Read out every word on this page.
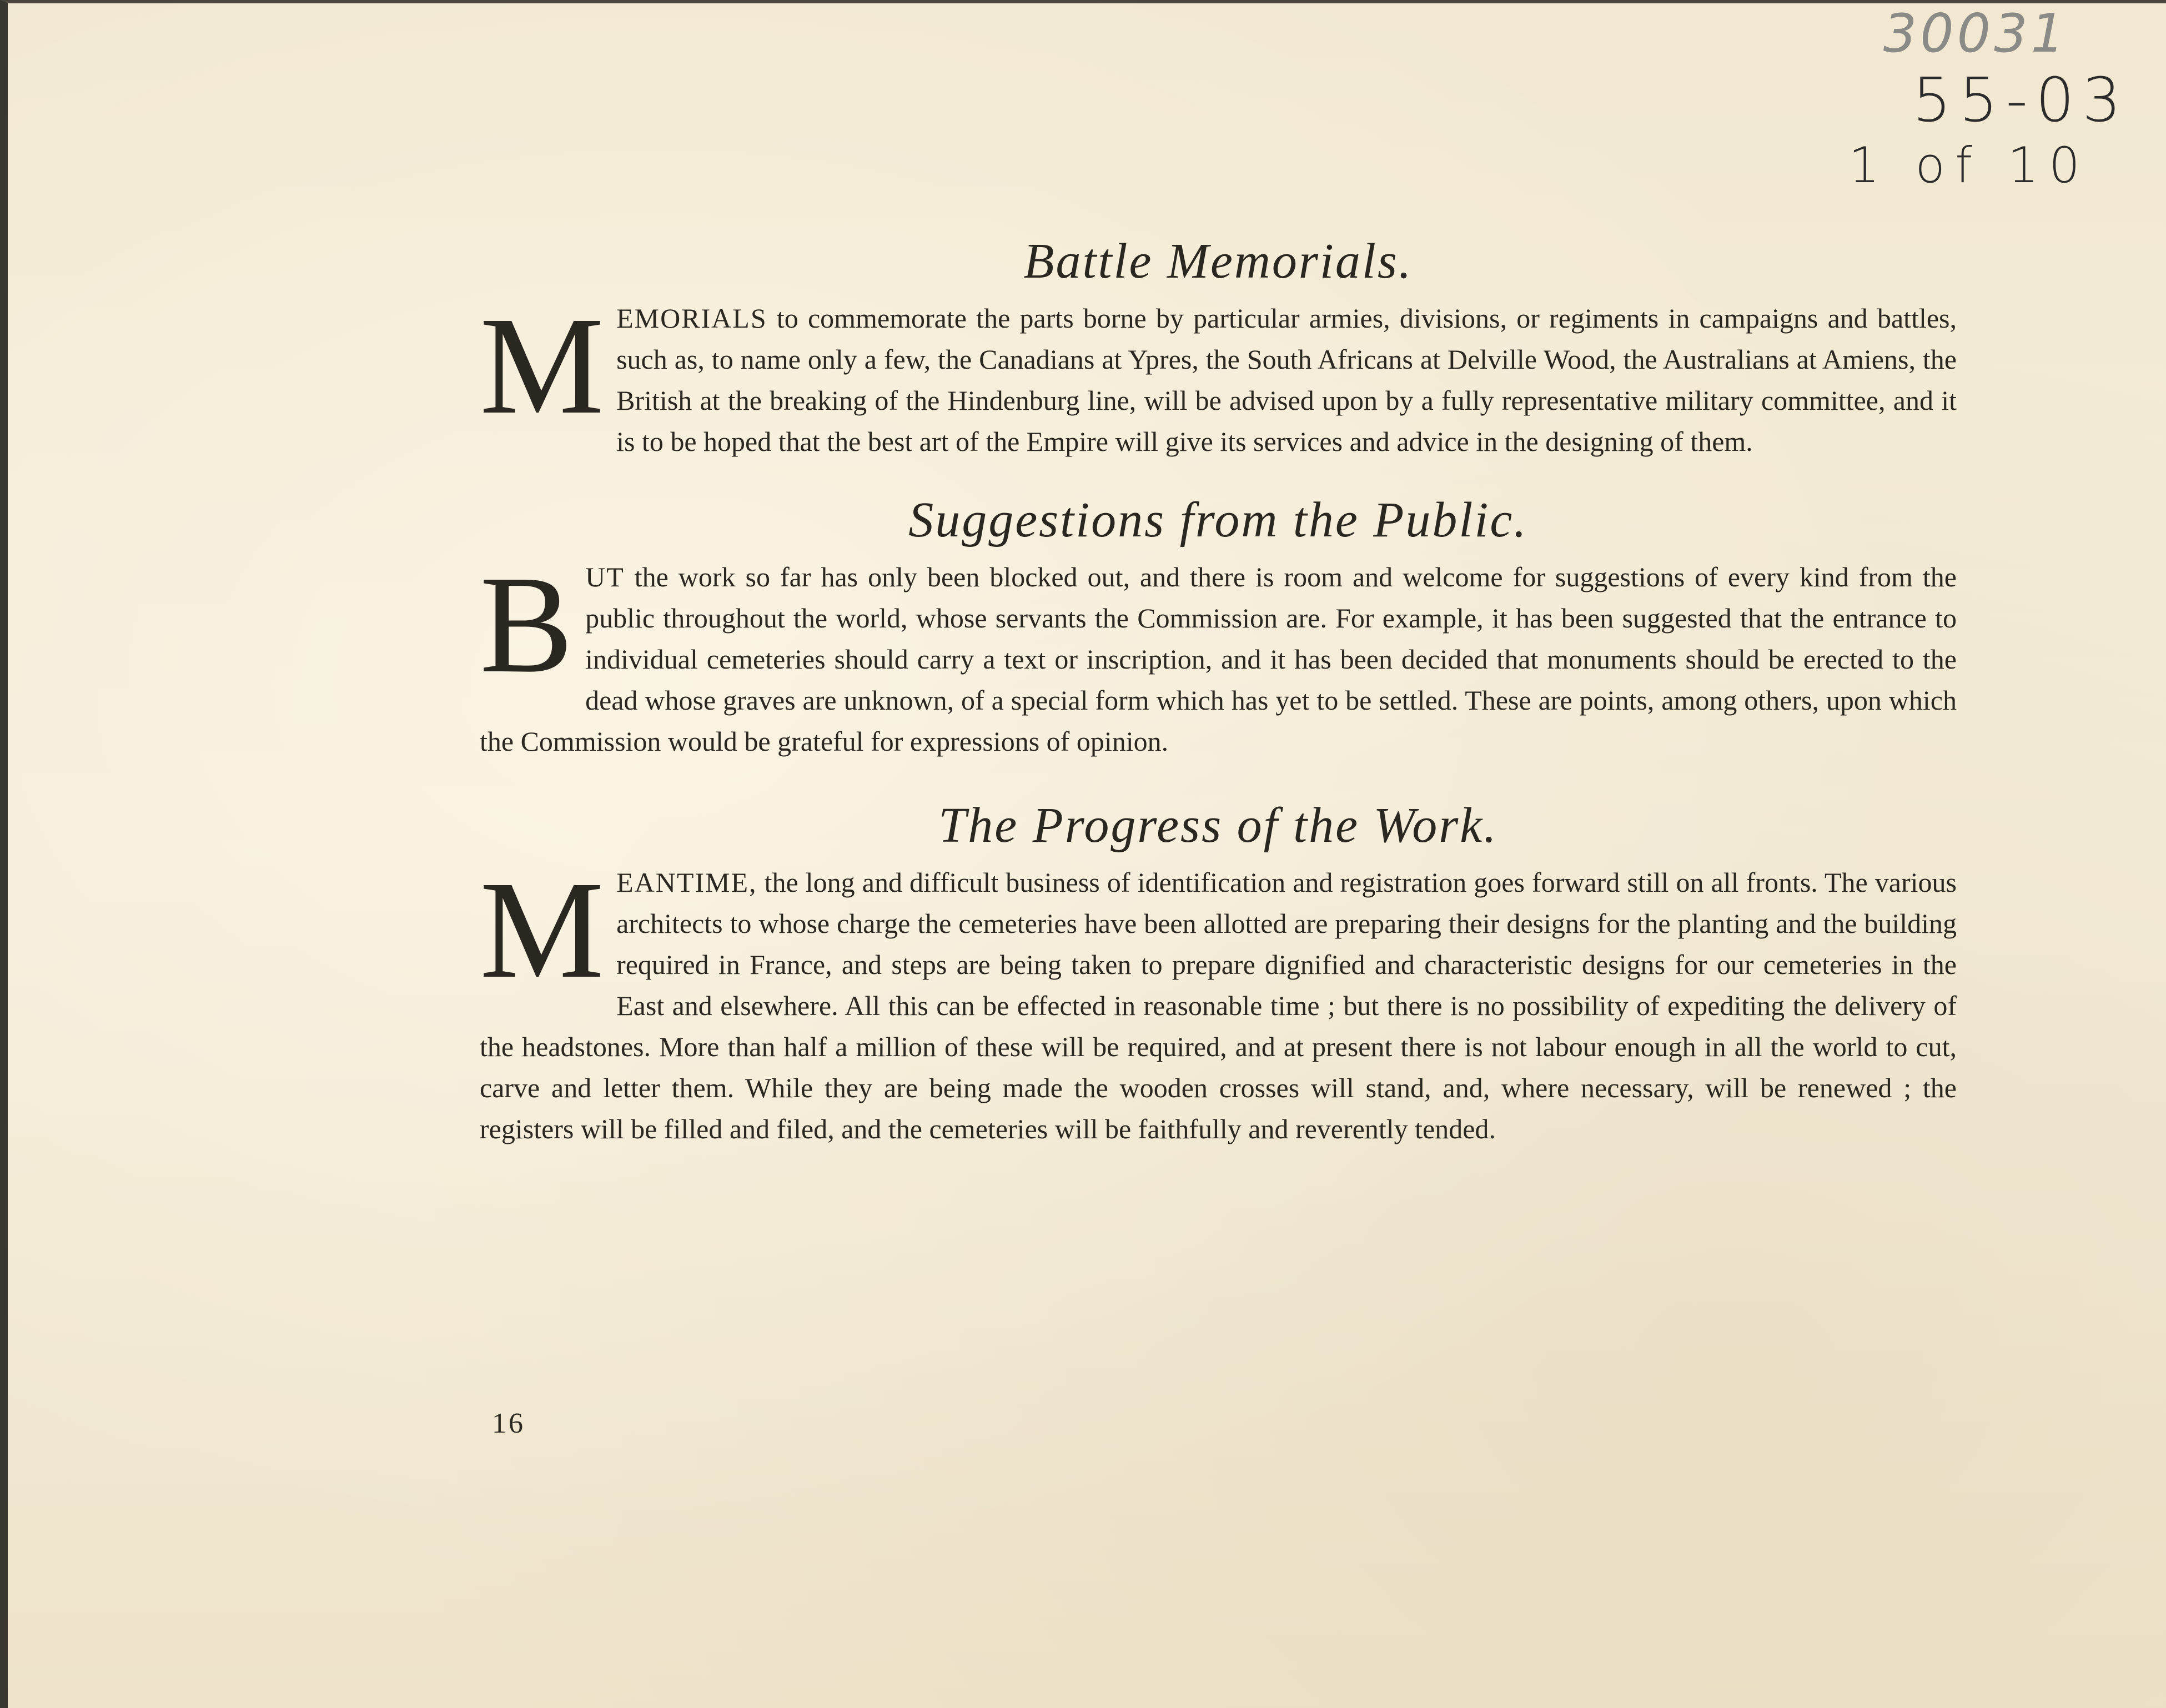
30031
55-03
1 of 10
Battle Memorials.

MEMORIALS to commemorate the parts borne by particular armies, divisions, or regiments in campaigns and battles, such as, to name only a few, the Canadians at Ypres, the South Africans at Delville Wood, the Australians at Amiens, the British at the breaking of the Hindenburg line, will be advised upon by a fully representative military committee, and it is to be hoped that the best art of the Empire will give its services and advice in the designing of them.

Suggestions from the Public.

BUT the work so far has only been blocked out, and there is room and welcome for suggestions of every kind from the public throughout the world, whose servants the Commission are. For example, it has been suggested that the entrance to individual cemeteries should carry a text or inscription, and it has been decided that monuments should be erected to the dead whose graves are unknown, of a special form which has yet to be settled. These are points, among others, upon which the Commission would be grateful for expressions of opinion.

The Progress of the Work.

MEANTIME, the long and difficult business of identification and registration goes forward still on all fronts. The various architects to whose charge the cemeteries have been allotted are preparing their designs for the planting and the building required in France, and steps are being taken to prepare dignified and characteristic designs for our cemeteries in the East and elsewhere. All this can be effected in reasonable time ; but there is no possibility of expediting the delivery of the headstones. More than half a million of these will be required, and at present there is not labour enough in all the world to cut, carve and letter them. While they are being made the wooden crosses will stand, and, where necessary, will be renewed ; the registers will be filled and filed, and the cemeteries will be faithfully and reverently tended.

16
